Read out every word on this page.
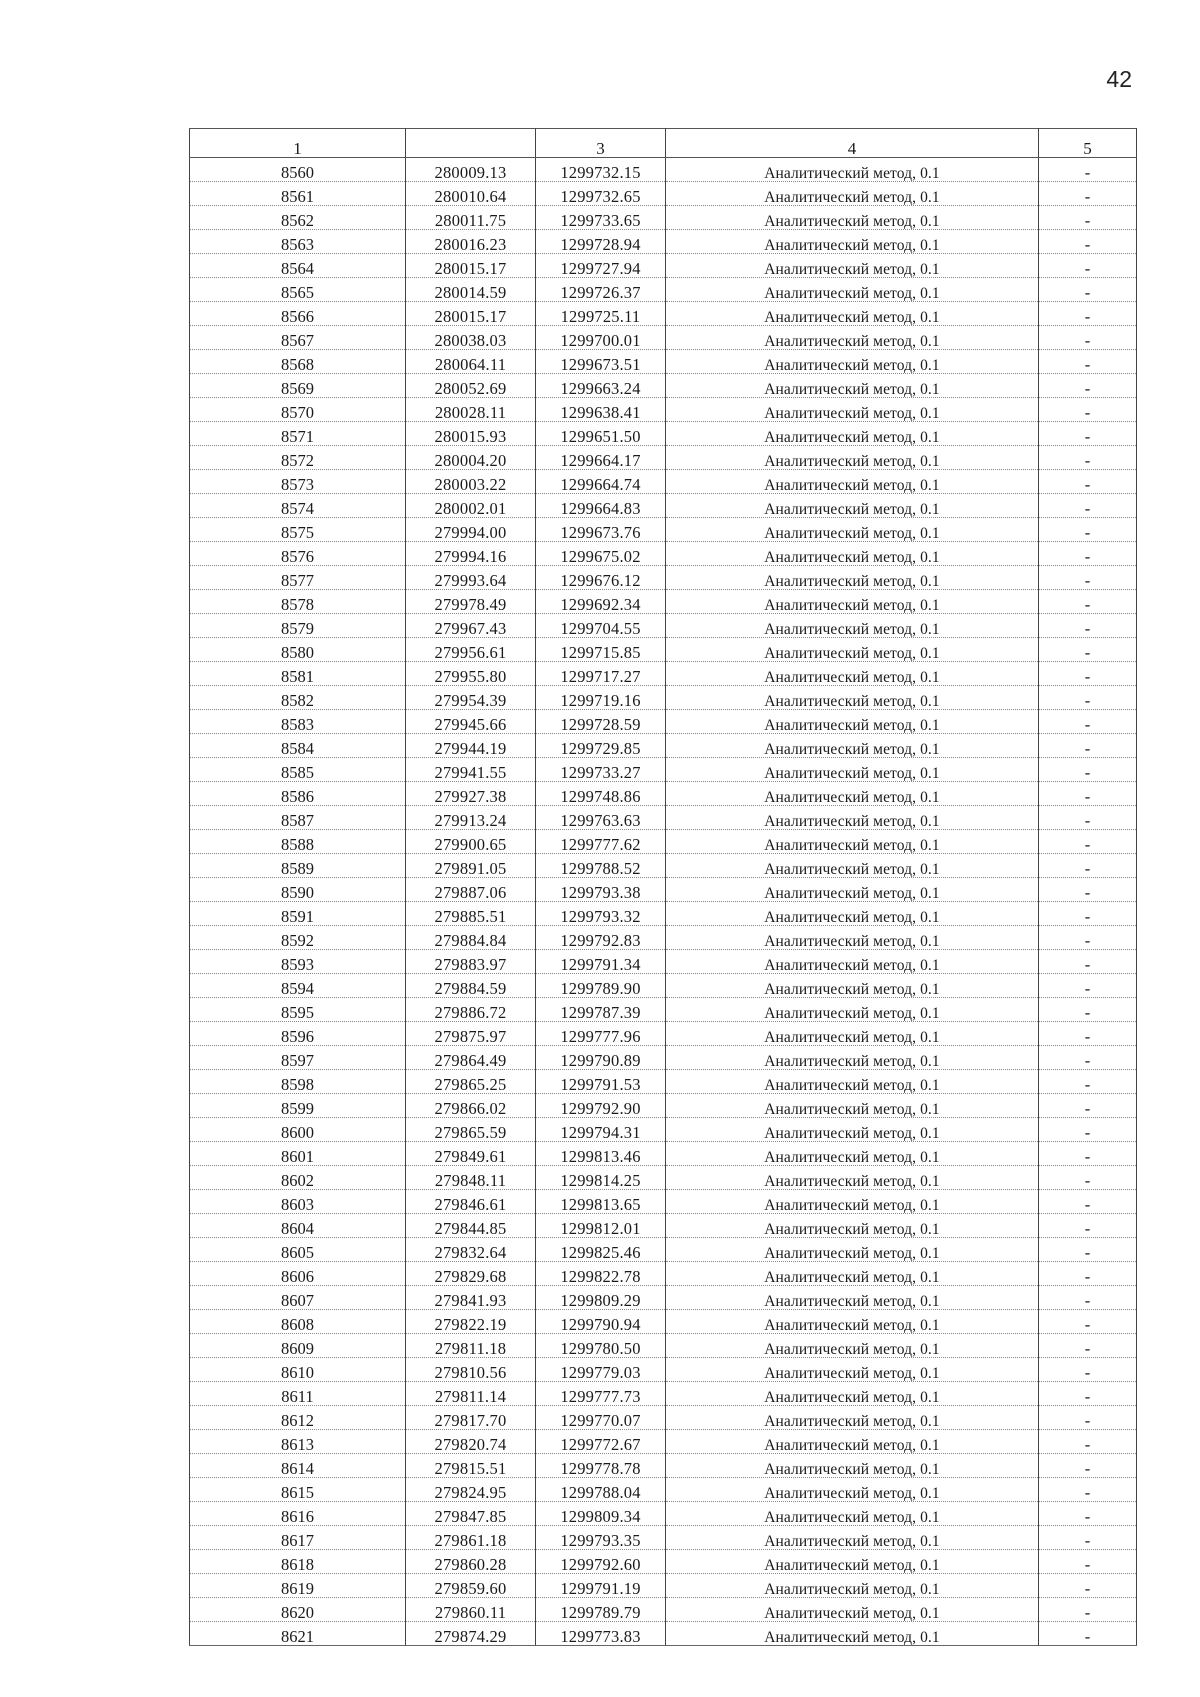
42
1		3	4	5
8560	280009.13	1299732.15	Аналитический метод, 0.1	-
8561	280010.64	1299732.65	Аналитический метод, 0.1	-
8562	280011.75	1299733.65	Аналитический метод, 0.1	-
8563	280016.23	1299728.94	Аналитический метод, 0.1	-
8564	280015.17	1299727.94	Аналитический метод, 0.1	-
8565	280014.59	1299726.37	Аналитический метод, 0.1	-
8566	280015.17	1299725.11	Аналитический метод, 0.1	-
8567	280038.03	1299700.01	Аналитический метод, 0.1	-
8568	280064.11	1299673.51	Аналитический метод, 0.1	-
8569	280052.69	1299663.24	Аналитический метод, 0.1	-
8570	280028.11	1299638.41	Аналитический метод, 0.1	-
8571	280015.93	1299651.50	Аналитический метод, 0.1	-
8572	280004.20	1299664.17	Аналитический метод, 0.1	-
8573	280003.22	1299664.74	Аналитический метод, 0.1	-
8574	280002.01	1299664.83	Аналитический метод, 0.1	-
8575	279994.00	1299673.76	Аналитический метод, 0.1	-
8576	279994.16	1299675.02	Аналитический метод, 0.1	-
8577	279993.64	1299676.12	Аналитический метод, 0.1	-
8578	279978.49	1299692.34	Аналитический метод, 0.1	-
8579	279967.43	1299704.55	Аналитический метод, 0.1	-
8580	279956.61	1299715.85	Аналитический метод, 0.1	-
8581	279955.80	1299717.27	Аналитический метод, 0.1	-
8582	279954.39	1299719.16	Аналитический метод, 0.1	-
8583	279945.66	1299728.59	Аналитический метод, 0.1	-
8584	279944.19	1299729.85	Аналитический метод, 0.1	-
8585	279941.55	1299733.27	Аналитический метод, 0.1	-
8586	279927.38	1299748.86	Аналитический метод, 0.1	-
8587	279913.24	1299763.63	Аналитический метод, 0.1	-
8588	279900.65	1299777.62	Аналитический метод, 0.1	-
8589	279891.05	1299788.52	Аналитический метод, 0.1	-
8590	279887.06	1299793.38	Аналитический метод, 0.1	-
8591	279885.51	1299793.32	Аналитический метод, 0.1	-
8592	279884.84	1299792.83	Аналитический метод, 0.1	-
8593	279883.97	1299791.34	Аналитический метод, 0.1	-
8594	279884.59	1299789.90	Аналитический метод, 0.1	-
8595	279886.72	1299787.39	Аналитический метод, 0.1	-
8596	279875.97	1299777.96	Аналитический метод, 0.1	-
8597	279864.49	1299790.89	Аналитический метод, 0.1	-
8598	279865.25	1299791.53	Аналитический метод, 0.1	-
8599	279866.02	1299792.90	Аналитический метод, 0.1	-
8600	279865.59	1299794.31	Аналитический метод, 0.1	-
8601	279849.61	1299813.46	Аналитический метод, 0.1	-
8602	279848.11	1299814.25	Аналитический метод, 0.1	-
8603	279846.61	1299813.65	Аналитический метод, 0.1	-
8604	279844.85	1299812.01	Аналитический метод, 0.1	-
8605	279832.64	1299825.46	Аналитический метод, 0.1	-
8606	279829.68	1299822.78	Аналитический метод, 0.1	-
8607	279841.93	1299809.29	Аналитический метод, 0.1	-
8608	279822.19	1299790.94	Аналитический метод, 0.1	-
8609	279811.18	1299780.50	Аналитический метод, 0.1	-
8610	279810.56	1299779.03	Аналитический метод, 0.1	-
8611	279811.14	1299777.73	Аналитический метод, 0.1	-
8612	279817.70	1299770.07	Аналитический метод, 0.1	-
8613	279820.74	1299772.67	Аналитический метод, 0.1	-
8614	279815.51	1299778.78	Аналитический метод, 0.1	-
8615	279824.95	1299788.04	Аналитический метод, 0.1	-
8616	279847.85	1299809.34	Аналитический метод, 0.1	-
8617	279861.18	1299793.35	Аналитический метод, 0.1	-
8618	279860.28	1299792.60	Аналитический метод, 0.1	-
8619	279859.60	1299791.19	Аналитический метод, 0.1	-
8620	279860.11	1299789.79	Аналитический метод, 0.1	-
8621	279874.29	1299773.83	Аналитический метод, 0.1	-
